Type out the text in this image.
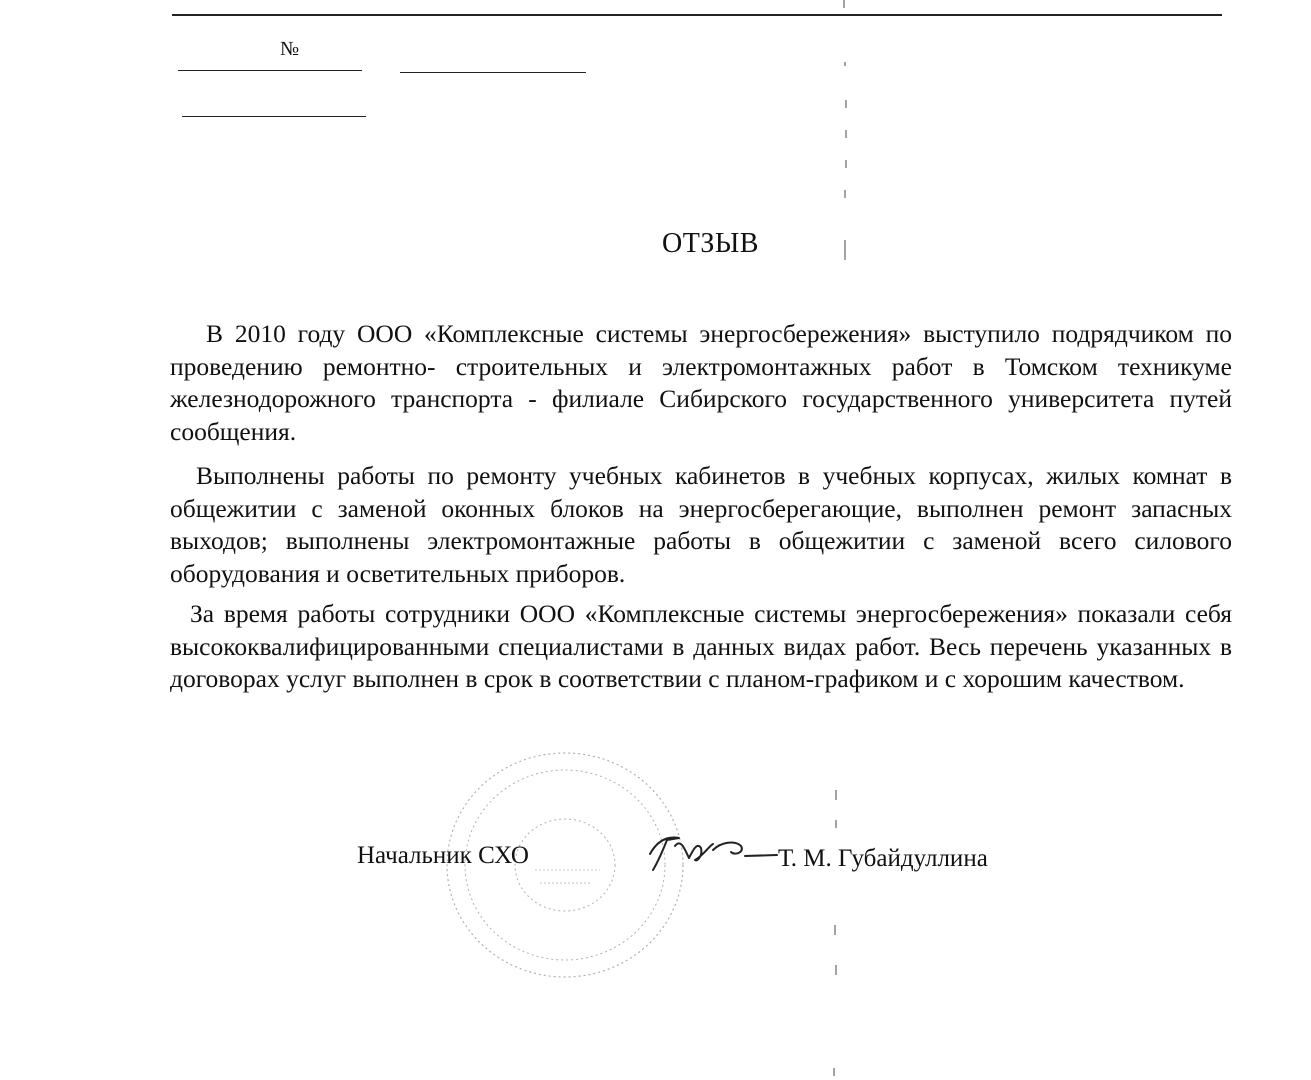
№
ОТЗЫВ

В 2010 году ООО «Комплексные системы энергосбережения» выступило подрядчиком по проведению ремонтно- строительных и электромонтажных работ в Томском техникуме железнодорожного транспорта - филиале Сибирского государственного университета путей сообщения.

Выполнены работы по ремонту учебных кабинетов в учебных корпусах, жилых комнат в общежитии с заменой оконных блоков на энергосберегающие, выполнен ремонт запасных выходов; выполнены электромонтажные работы в общежитии с заменой всего силового оборудования и осветительных приборов.

За время работы сотрудники ООО «Комплексные системы энергосбережения» показали себя высококвалифицированными специалистами в данных видах работ. Весь перечень указанных в договорах услуг выполнен в срок в соответствии с планом-графиком и с хорошим качеством.

Начальник СХО	Т. М. Губайдуллина
